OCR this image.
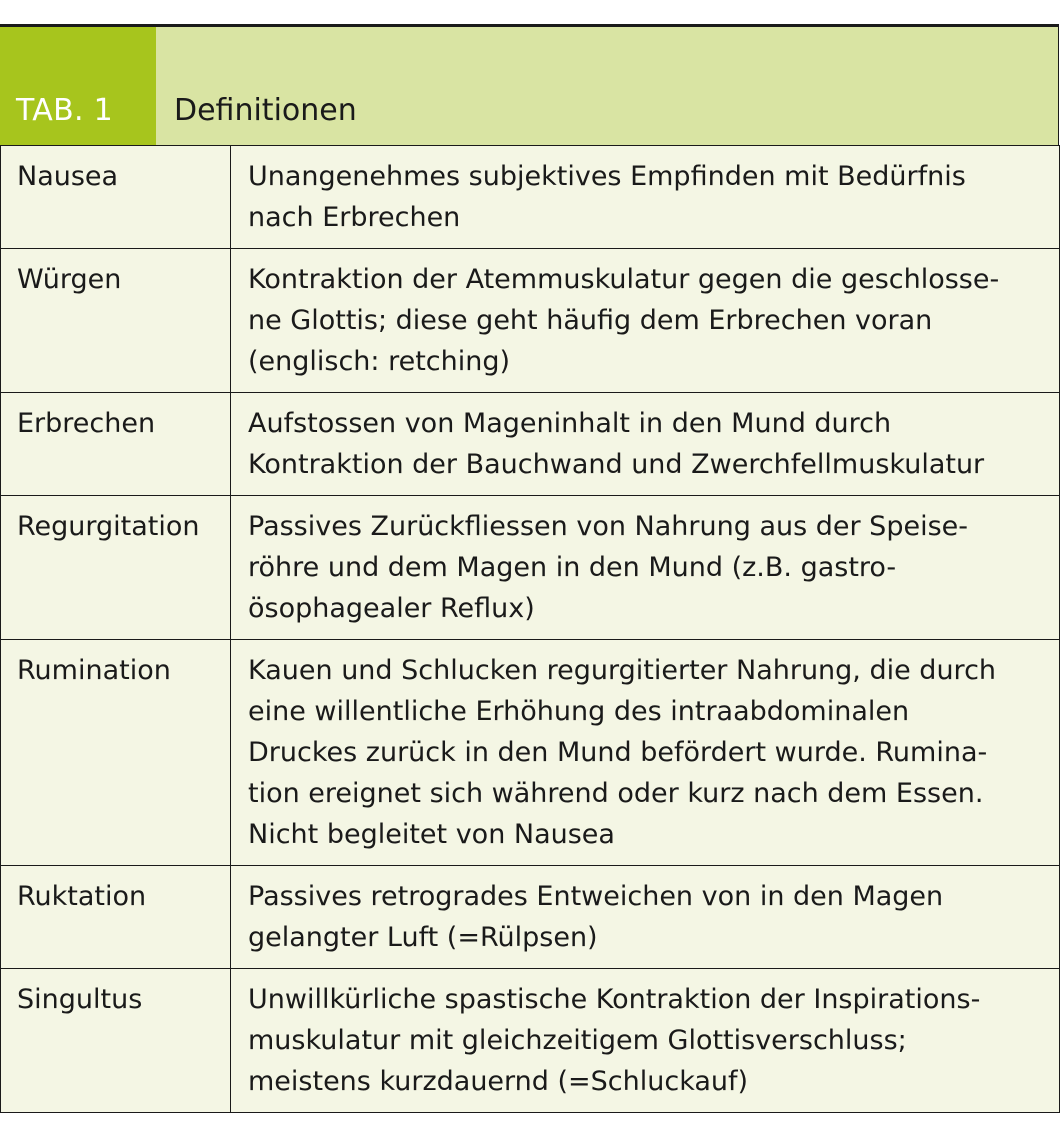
TAB. 1	Definitionen
Nausea	Unangenehmes subjektives Empfinden mit Bedürfnis
nach Erbrechen

Würgen	Kontraktion der Atemmuskulatur gegen die geschlosse-
ne Glottis; diese geht häufig dem Erbrechen voran
(englisch: retching)

Erbrechen	Aufstossen von Mageninhalt in den Mund durch
Kontraktion der Bauchwand und Zwerchfellmuskulatur

Regurgitation	Passives Zurückfliessen von Nahrung aus der Speise-
röhre und dem Magen in den Mund (z.B. gastro-
ösophagealer Reflux)

Rumination	Kauen und Schlucken regurgitierter Nahrung, die durch
eine willentliche Erhöhung des intraabdominalen
Druckes zurück in den Mund befördert wurde. Rumina-
tion ereignet sich während oder kurz nach dem Essen.
Nicht begleitet von Nausea

Ruktation	Passives retrogrades Entweichen von in den Magen
gelangter Luft (=Rülpsen)

Singultus	Unwillkürliche spastische Kontraktion der Inspirations-
muskulatur mit gleichzeitigem Glottisverschluss;
meistens kurzdauernd (=Schluckauf)
